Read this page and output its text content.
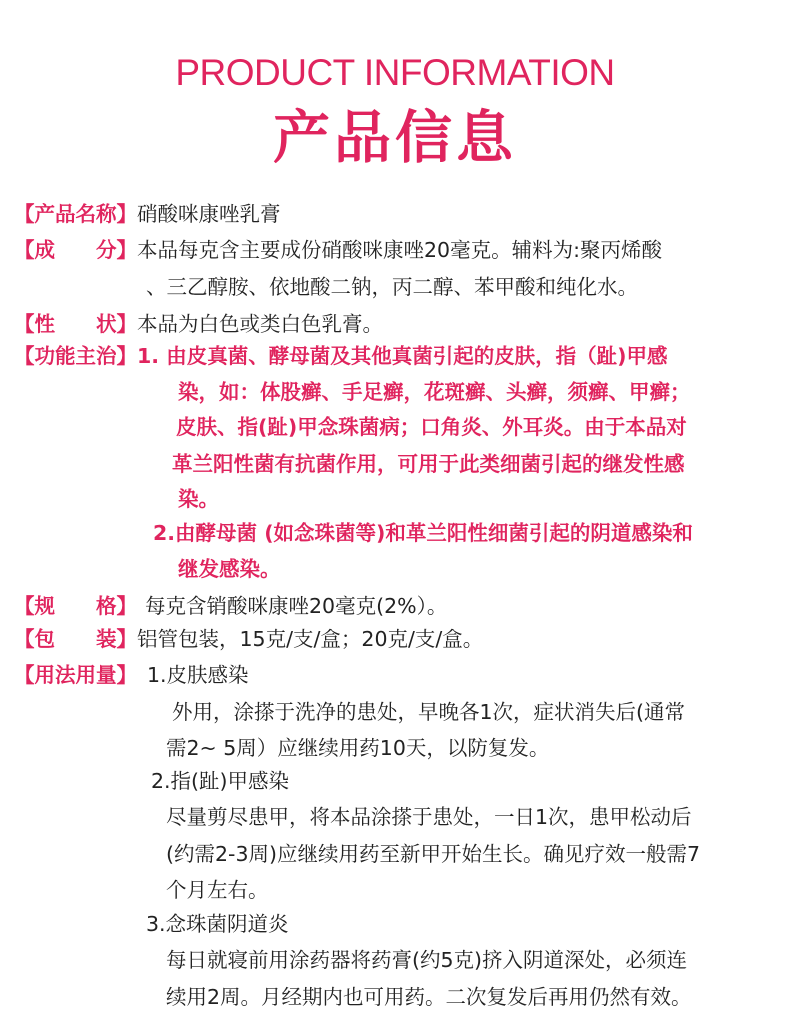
PRODUCT INFORMATION
产品信息
【产品名称】硝酸咪康唑乳膏
【成　　分】本品每克含主要成份硝酸咪康唑20毫克。辅料为:聚丙烯酸
、三乙醇胺、依地酸二钠，丙二醇、苯甲酸和纯化水。
【性　　状】本品为白色或类白色乳膏。
【功能主治】1. 由皮真菌、酵母菌及其他真菌引起的皮肤，指（趾)甲感
染，如：体股癣、手足癣，花斑癣、头癣，须癣、甲癣；
皮肤、指(趾)甲念珠菌病；口角炎、外耳炎。由于本品对
革兰阳性菌有抗菌作用，可用于此类细菌引起的继发性感
染。
2.由酵母菌 (如念珠菌等)和革兰阳性细菌引起的阴道感染和
继发感染。
【规　　格】 每克含销酸咪康唑20毫克(2%）。
【包　　装】铝管包装，15克/支/盒；20克/支/盒。
【用法用量】 1.皮肤感染
外用，涂搽于洗净的患处，早晚各1次，症状消失后(通常
需2~ 5周）应继续用药10天，以防复发。
2.指(趾)甲感染
尽量剪尽患甲，将本品涂搽于患处，一日1次，患甲松动后
(约需2-3周)应继续用药至新甲开始生长。确见疗效一般需7
个月左右。
3.念珠菌阴道炎
每日就寝前用涂药器将药膏(约5克)挤入阴道深处，必须连
续用2周。月经期内也可用药。二次复发后再用仍然有效。
